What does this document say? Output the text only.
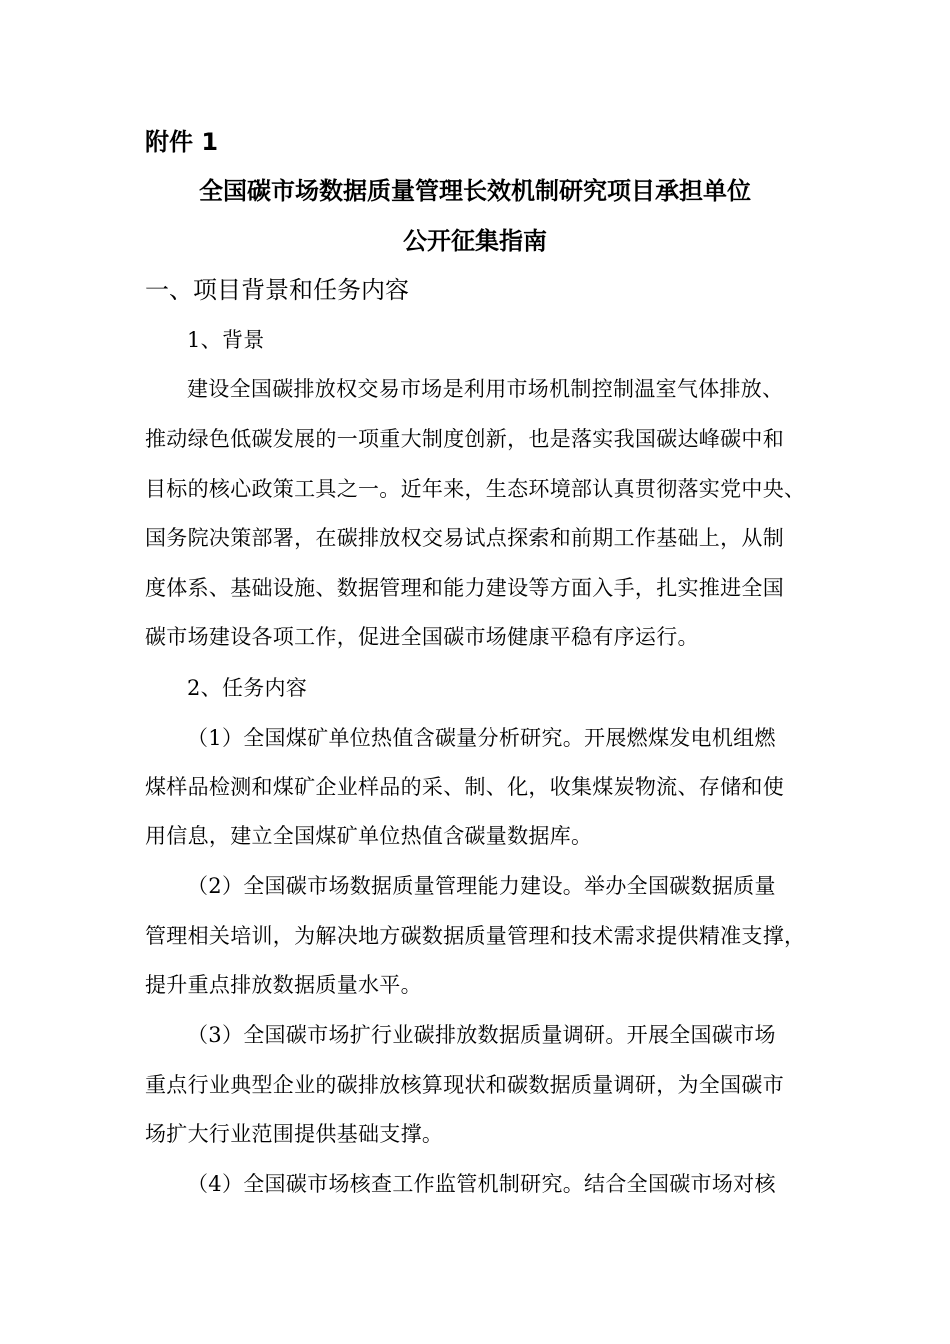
附件 1
全国碳市场数据质量管理长效机制研究项目承担单位
公开征集指南
一、项目背景和任务内容
1、背景
建设全国碳排放权交易市场是利用市场机制控制温室气体排放、
推动绿色低碳发展的一项重大制度创新，也是落实我国碳达峰碳中和
目标的核心政策工具之一。近年来，生态环境部认真贯彻落实党中央、
国务院决策部署，在碳排放权交易试点探索和前期工作基础上，从制
度体系、基础设施、数据管理和能力建设等方面入手，扎实推进全国
碳市场建设各项工作，促进全国碳市场健康平稳有序运行。
2、任务内容
（1）全国煤矿单位热值含碳量分析研究。开展燃煤发电机组燃
煤样品检测和煤矿企业样品的采、制、化，收集煤炭物流、存储和使
用信息，建立全国煤矿单位热值含碳量数据库。
（2）全国碳市场数据质量管理能力建设。举办全国碳数据质量
管理相关培训，为解决地方碳数据质量管理和技术需求提供精准支撑，
提升重点排放数据质量水平。
（3）全国碳市场扩行业碳排放数据质量调研。开展全国碳市场
重点行业典型企业的碳排放核算现状和碳数据质量调研，为全国碳市
场扩大行业范围提供基础支撑。
（4）全国碳市场核查工作监管机制研究。结合全国碳市场对核
